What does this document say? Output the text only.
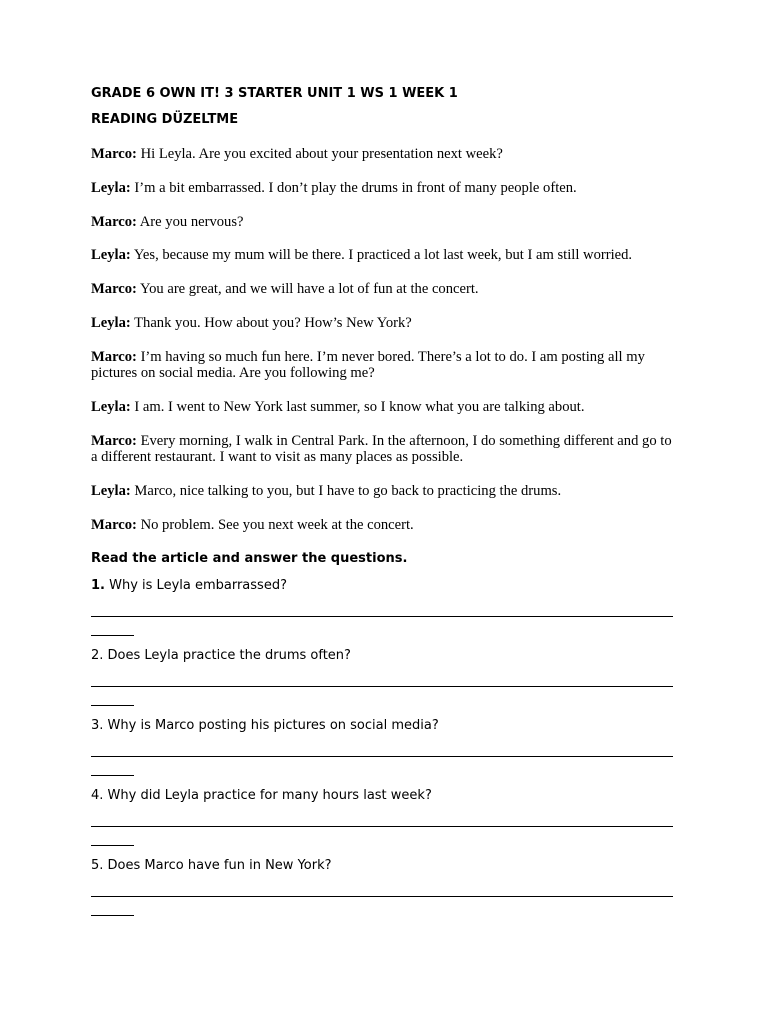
GRADE 6 OWN IT! 3 STARTER UNIT 1 WS 1 WEEK 1
READING DÜZELTME

Marco: Hi Leyla. Are you excited about your presentation next week?

Leyla: I’m a bit embarrassed. I don’t play the drums in front of many people often.

Marco: Are you nervous?

Leyla: Yes, because my mum will be there. I practiced a lot last week, but I am still worried.

Marco: You are great, and we will have a lot of fun at the concert.

Leyla: Thank you. How about you? How’s New York?

Marco: I’m having so much fun here. I’m never bored. There’s a lot to do. I am posting all my pictures on social media. Are you following me?

Leyla: I am. I went to New York last summer, so I know what you are talking about.

Marco: Every morning, I walk in Central Park. In the afternoon, I do something different and go to a different restaurant. I want to visit as many places as possible.

Leyla: Marco, nice talking to you, but I have to go back to practicing the drums.

Marco: No problem. See you next week at the concert.

Read the article and answer the questions.
1. Why is Leyla embarrassed?
2. Does Leyla practice the drums often?
3. Why is Marco posting his pictures on social media?
4. Why did Leyla practice for many hours last week?
5. Does Marco have fun in New York?
